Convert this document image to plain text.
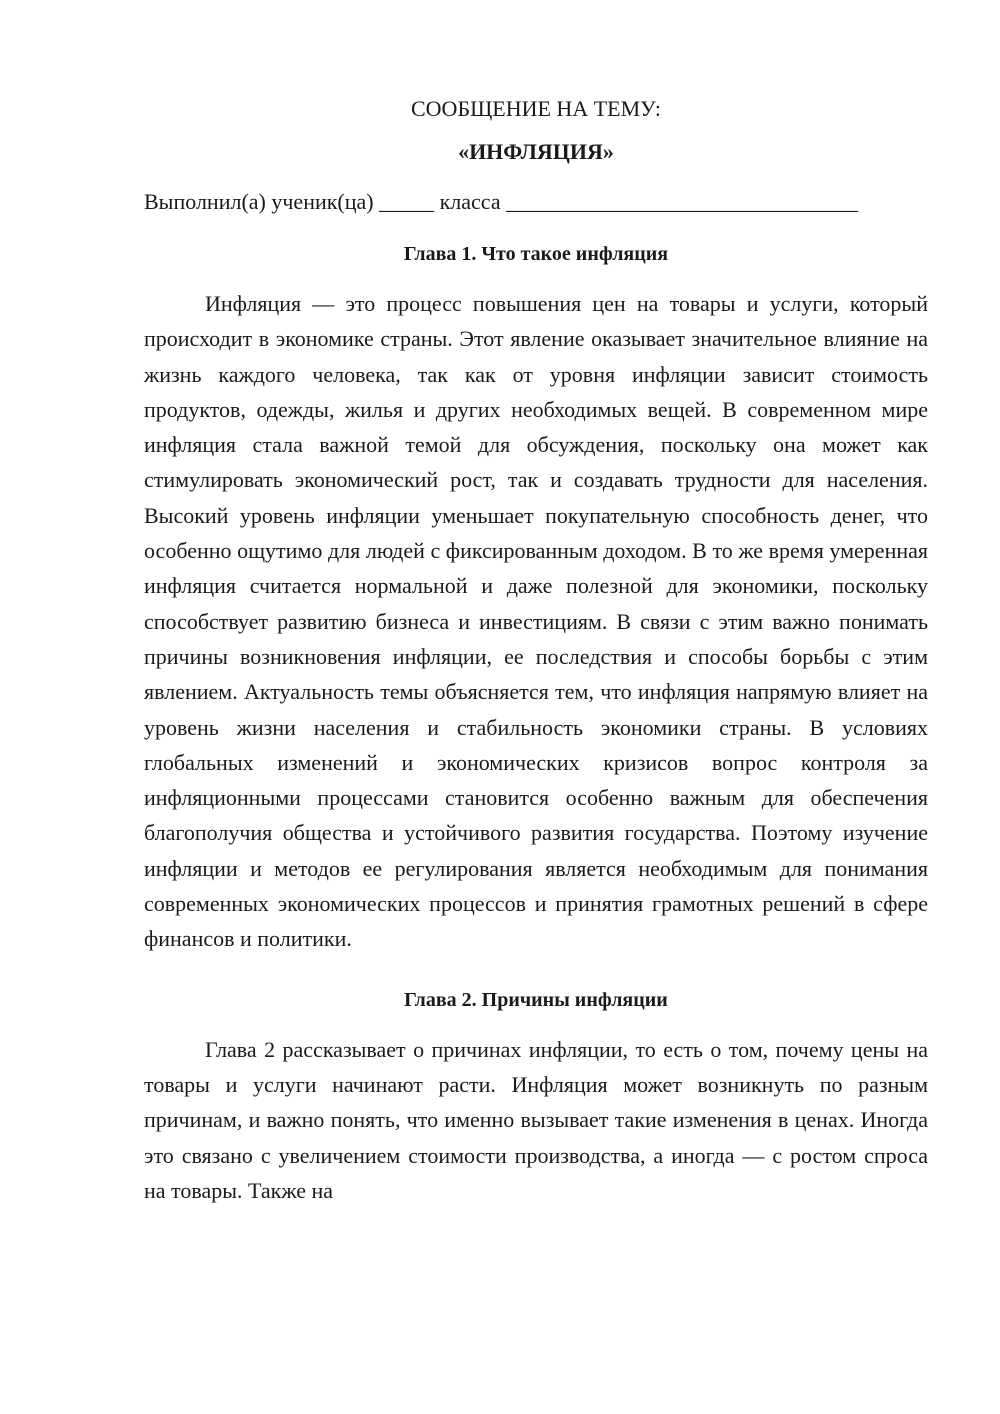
СООБЩЕНИЕ НА ТЕМУ:

«ИНФЛЯЦИЯ»

Выполнил(а) ученик(ца) _____ класса ________________________________

Глава 1. Что такое инфляция

Инфляция — это процесс повышения цен на товары и услуги, который происходит в экономике страны. Этот явление оказывает значительное влияние на жизнь каждого человека, так как от уровня инфляции зависит стоимость продуктов, одежды, жилья и других необходимых вещей. В современном мире инфляция стала важной темой для обсуждения, поскольку она может как стимулировать экономический рост, так и создавать трудности для населения. Высокий уровень инфляции уменьшает покупательную способность денег, что особенно ощутимо для людей с фиксированным доходом. В то же время умеренная инфляция считается нормальной и даже полезной для экономики, поскольку способствует развитию бизнеса и инвестициям. В связи с этим важно понимать причины возникновения инфляции, ее последствия и способы борьбы с этим явлением. Актуальность темы объясняется тем, что инфляция напрямую влияет на уровень жизни населения и стабильность экономики страны. В условиях глобальных изменений и экономических кризисов вопрос контроля за инфляционными процессами становится особенно важным для обеспечения благополучия общества и устойчивого развития государства. Поэтому изучение инфляции и методов ее регулирования является необходимым для понимания современных экономических процессов и принятия грамотных решений в сфере финансов и политики.

Глава 2. Причины инфляции

Глава 2 рассказывает о причинах инфляции, то есть о том, почему цены на товары и услуги начинают расти. Инфляция может возникнуть по разным причинам, и важно понять, что именно вызывает такие изменения в ценах. Иногда это связано с увеличением стоимости производства, а иногда — с ростом спроса на товары. Также на
